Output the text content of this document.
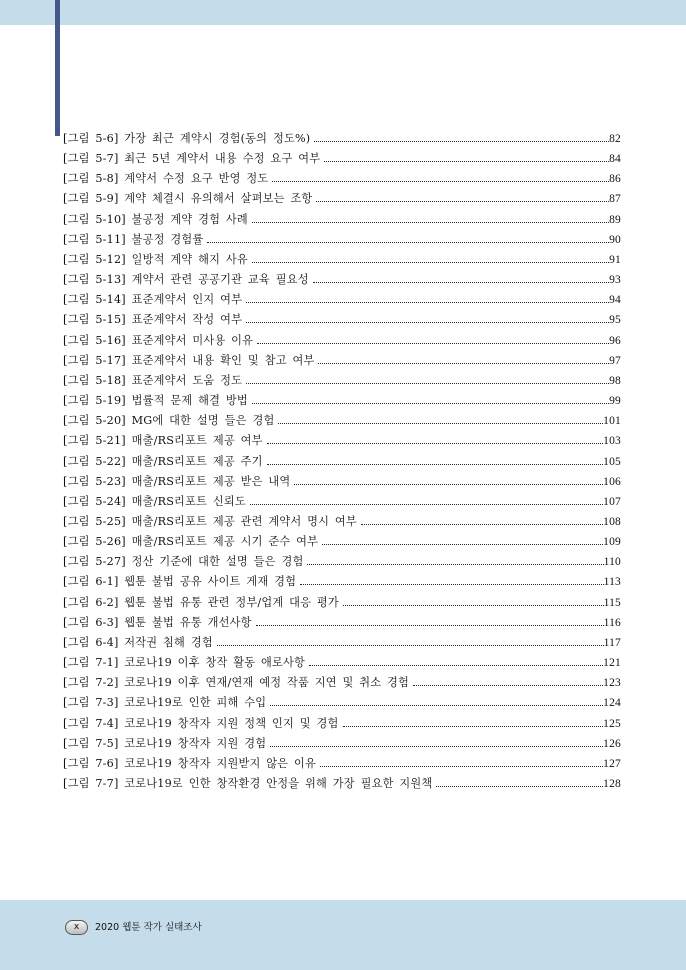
[그림 5-6] 가장 최근 계약시 경험(동의 정도%)	82
[그림 5-7] 최근 5년 계약서 내용 수정 요구 여부	84
[그림 5-8] 계약서 수정 요구 반영 정도	86
[그림 5-9] 계약 체결시 유의해서 살펴보는 조항	87
[그림 5-10] 불공정 계약 경험 사례	89
[그림 5-11] 불공정 경험률	90
[그림 5-12] 일방적 계약 해지 사유	91
[그림 5-13] 계약서 관련 공공기관 교육 필요성	93
[그림 5-14] 표준계약서 인지 여부	94
[그림 5-15] 표준계약서 작성 여부	95
[그림 5-16] 표준계약서 미사용 이유	96
[그림 5-17] 표준계약서 내용 확인 및 참고 여부	97
[그림 5-18] 표준계약서 도움 정도	98
[그림 5-19] 법률적 문제 해결 방법	99
[그림 5-20] MG에 대한 설명 들은 경험	101
[그림 5-21] 매출/RS리포트 제공 여부	103
[그림 5-22] 매출/RS리포트 제공 주기	105
[그림 5-23] 매출/RS리포트 제공 받은 내역	106
[그림 5-24] 매출/RS리포트 신뢰도	107
[그림 5-25] 매출/RS리포트 제공 관련 계약서 명시 여부	108
[그림 5-26] 매출/RS리포트 제공 시기 준수 여부	109
[그림 5-27] 정산 기준에 대한 설명 들은 경험	110
[그림 6-1] 웹툰 불법 공유 사이트 게재 경험	113
[그림 6-2] 웹툰 불법 유통 관련 정부/업계 대응 평가	115
[그림 6-3] 웹툰 불법 유통 개선사항	116
[그림 6-4] 저작권 침해 경험	117
[그림 7-1] 코로나19 이후 창작 활동 애로사항	121
[그림 7-2] 코로나19 이후 연재/연재 예정 작품 지연 및 취소 경험	123
[그림 7-3] 코로나19로 인한 피해 수입	124
[그림 7-4] 코로나19 창작자 지원 정책 인지 및 경험	125
[그림 7-5] 코로나19 창작자 지원 경험	126
[그림 7-6] 코로나19 창작자 지원받지 않은 이유	127
[그림 7-7] 코로나19로 인한 창작환경 안정을 위해 가장 필요한 지원책	128
x	2020 웹툰 작가 실태조사
